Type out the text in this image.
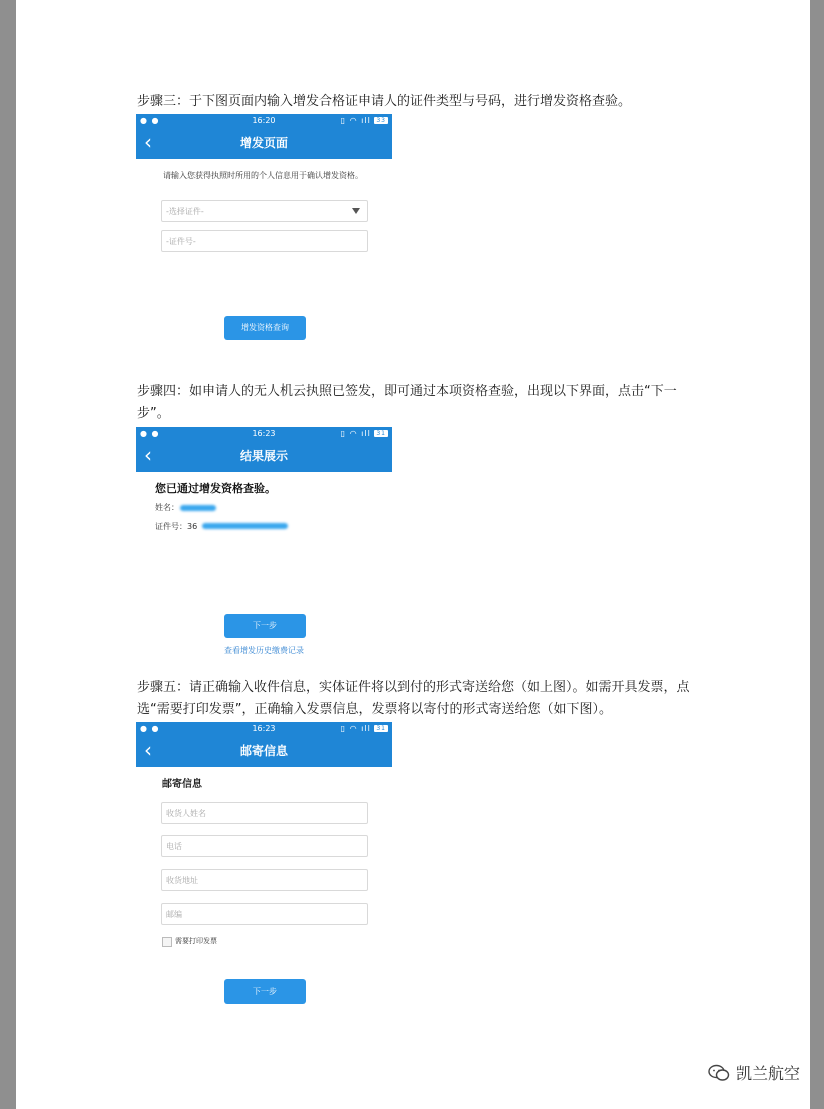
步骤三：于下图页面内输入增发合格证申请人的证件类型与号码，进行增发资格查验。
● ●	16:20	▯ ◠ ıll 33
‹	增发页面
请输入您获得执照时所用的个人信息用于确认增发资格。
-选择证件-
-证件号-
增发资格查询
步骤四：如申请人的无人机云执照已签发，即可通过本项资格查验，出现以下界面，点击“下一步”。
● ●	16:23	▯ ◠ ıll 31
‹	结果展示
您已通过增发资格查验。
姓名：
证件号：36
下一步
查看增发历史缴费记录
步骤五：请正确输入收件信息，实体证件将以到付的形式寄送给您（如上图）。如需开具发票，点选“需要打印发票”，正确输入发票信息，发票将以寄付的形式寄送给您（如下图）。
● ●	16:23	▯ ◠ ıll 31
‹	邮寄信息
邮寄信息
收货人姓名
电话
收货地址
邮编
需要打印发票
下一步
凯兰航空
